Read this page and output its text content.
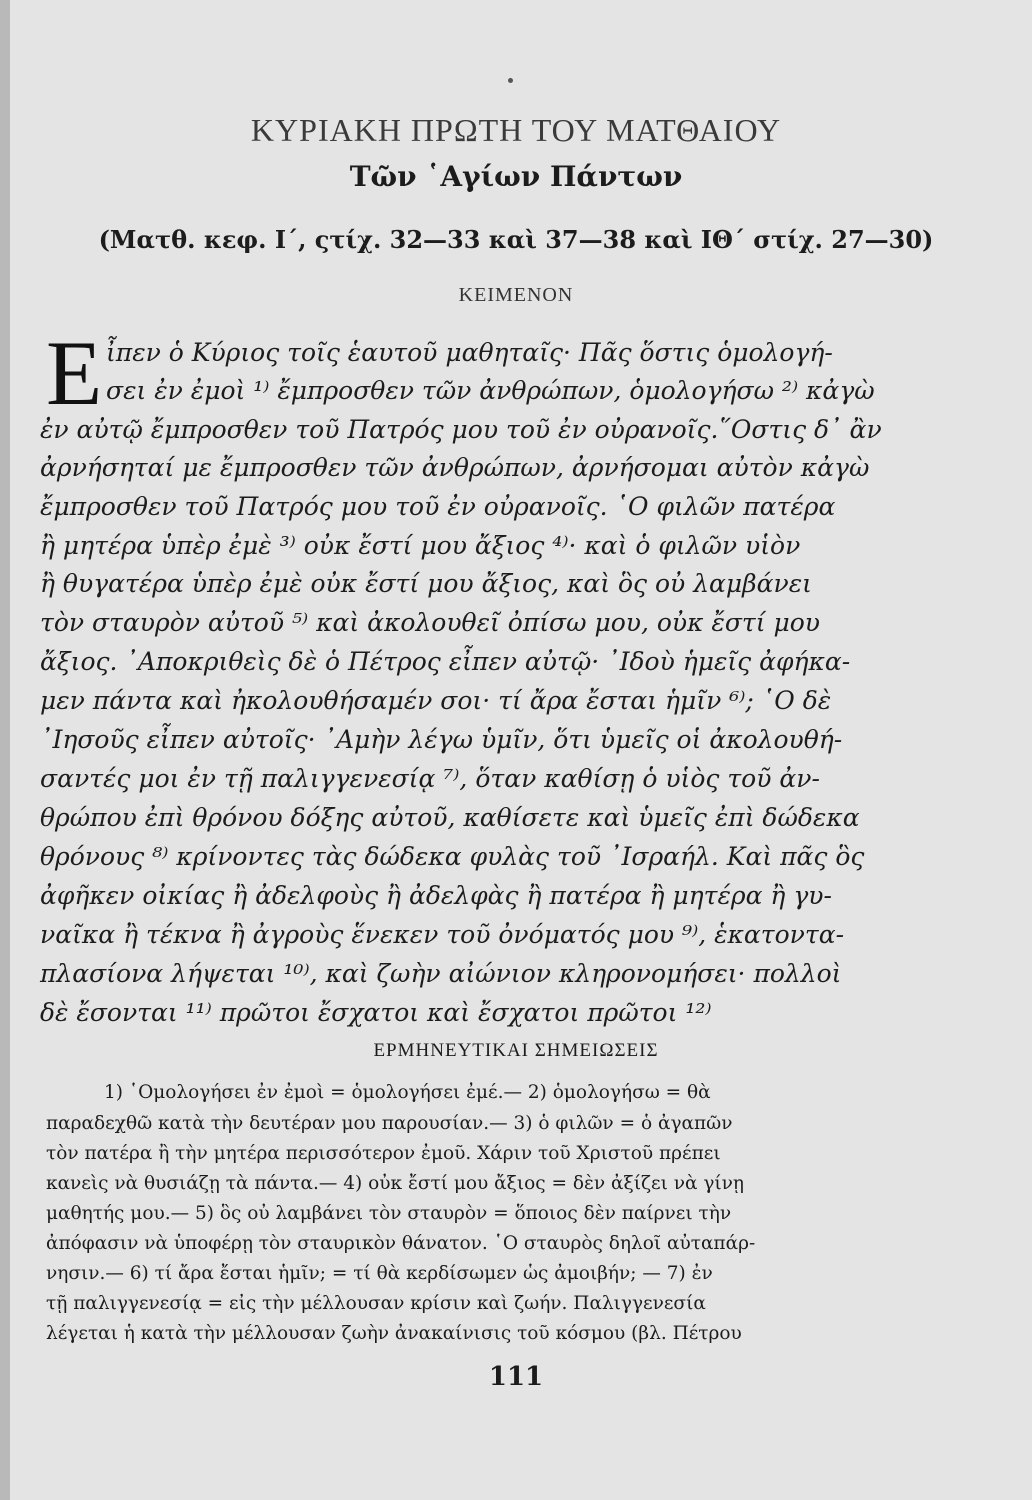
ΚΥΡΙΑΚΗ ΠΡΩΤΗ ΤΟΥ ΜΑΤΘΑΙΟΥ
Τῶν ῾Αγίων Πάντων
(Ματθ. κεφ. Ι΄, ςτίχ. 32—33 καὶ 37—38 καὶ ΙΘ΄ στίχ. 27—30)
ΚΕΙΜΕΝΟΝ
Ε ἶπεν ὁ Κύριος τοῖς ἑαυτοῦ μαθηταῖς· Πᾶς ὅστις ὁμολογή-
σει ἐν ἐμοὶ ¹⁾ ἔμπροσθεν τῶν ἀνθρώπων, ὁμολογήσω ²⁾ κἀγὼ
ἐν αὐτῷ ἔμπροσθεν τοῦ Πατρός μου τοῦ ἐν οὐρανοῖς.῞Οστις δ᾿ ἂν
ἀρνήσηταί με ἔμπροσθεν τῶν ἀνθρώπων, ἀρνήσομαι αὐτὸν κἀγὼ
ἔμπροσθεν τοῦ Πατρός μου τοῦ ἐν οὐρανοῖς. ῾Ο φιλῶν πατέρα
ἢ μητέρα ὑπὲρ ἐμὲ ³⁾ οὐκ ἔστί μου ἄξιος ⁴⁾· καὶ ὁ φιλῶν υἱὸν
ἢ θυγατέρα ὑπὲρ ἐμὲ οὐκ ἔστί μου ἄξιος, καὶ ὃς οὐ λαμβάνει
τὸν σταυρὸν αὐτοῦ ⁵⁾ καὶ ἀκολουθεῖ ὀπίσω μου, οὐκ ἔστί μου
ἄξιος. ᾿Αποκριθεὶς δὲ ὁ Πέτρος εἶπεν αὐτῷ· ᾿Ιδοὺ ἡμεῖς ἀφήκα-
μεν πάντα καὶ ἠκολουθήσαμέν σοι· τί ἄρα ἔσται ἡμῖν ⁶⁾; ῾Ο δὲ
᾿Ιησοῦς εἶπεν αὐτοῖς· ᾿Αμὴν λέγω ὑμῖν, ὅτι ὑμεῖς οἱ ἀκολουθή-
σαντές μοι ἐν τῇ παλιγγενεσίᾳ ⁷⁾, ὅταν καθίσῃ ὁ υἱὸς τοῦ ἀν-
θρώπου ἐπὶ θρόνου δόξης αὐτοῦ, καθίσετε καὶ ὑμεῖς ἐπὶ δώδεκα
θρόνους ⁸⁾ κρίνοντες τὰς δώδεκα φυλὰς τοῦ ᾿Ισραήλ. Καὶ πᾶς ὃς
ἀφῆκεν οἰκίας ἢ ἀδελφοὺς ἢ ἀδελφὰς ἢ πατέρα ἢ μητέρα ἢ γυ-
ναῖκα ἢ τέκνα ἢ ἀγροὺς ἕνεκεν τοῦ ὀνόματός μου ⁹⁾, ἑκατοντα-
πλασίονα λήψεται ¹⁰⁾, καὶ ζωὴν αἰώνιον κληρονομήσει· πολλοὶ
δὲ ἔσονται ¹¹⁾ πρῶτοι ἔσχατοι καὶ ἔσχατοι πρῶτοι ¹²⁾
ΕΡΜΗΝΕΥΤΙΚΑΙ ΣΗΜΕΙΩΣΕΙΣ
1) ῾Ομολογήσει ἐν ἐμοὶ = ὁμολογήσει ἐμέ.— 2) ὁμολογήσω = θὰ
παραδεχθῶ κατὰ τὴν δευτέραν μου παρουσίαν.— 3) ὁ φιλῶν = ὁ ἀγαπῶν
τὸν πατέρα ἢ τὴν μητέρα περισσότερον ἐμοῦ. Χάριν τοῦ Χριστοῦ πρέπει
κανεὶς νὰ θυσιάζῃ τὰ πάντα.— 4) οὐκ ἔστί μου ἄξιος = δὲν ἀξίζει νὰ γίνῃ
μαθητής μου.— 5) ὃς οὐ λαμβάνει τὸν σταυρὸν = ὅποιος δὲν παίρνει τὴν
ἀπόφασιν νὰ ὑποφέρῃ τὸν σταυρικὸν θάνατον. ῾Ο σταυρὸς δηλοῖ αὐταπάρ-
νησιν.— 6) τί ἄρα ἔσται ἡμῖν; = τί θὰ κερδίσωμεν ὡς ἀμοιβήν; — 7) ἐν
τῇ παλιγγενεσίᾳ = εἰς τὴν μέλλουσαν κρίσιν καὶ ζωήν. Παλιγγενεσία
λέγεται ἡ κατὰ τὴν μέλλουσαν ζωὴν ἀνακαίνισις τοῦ κόσμου (βλ. Πέτρου
111
